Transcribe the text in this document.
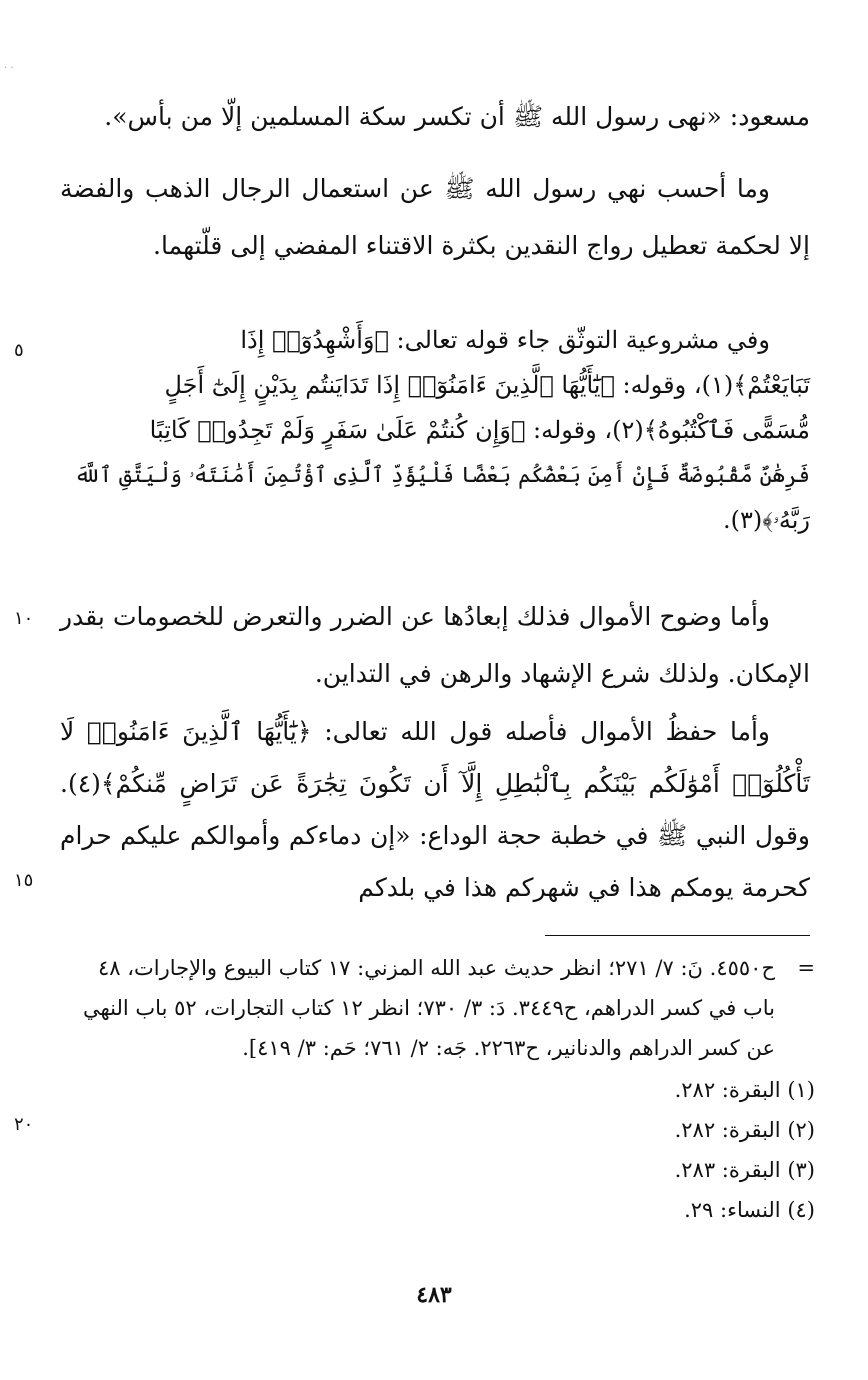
. .

مسعود: «نهى رسول الله ﷺ أن تكسر سكة المسلمين إلّا من بأس».

وما أحسب نهي رسول الله ﷺ عن استعمال الرجال الذهب والفضة إلا لحكمة تعطيل رواج النقدين بكثرة الاقتناء المفضي إلى قلّتهما.

وفي مشروعية التوثّق جاء قوله تعالى: ﴿وَأَشْهِدُوٓا۟ إِذَا
تَبَايَعْتُمْ﴾(١)، وقوله: ﴿يَٰٓأَيُّهَا ٱلَّذِينَ ءَامَنُوٓا۟ إِذَا تَدَايَنتُم بِدَيْنٍ إِلَىٰٓ أَجَلٍ
مُّسَمًّى فَٱكْتُبُوهُ﴾(٢)، وقوله: ﴿وَإِن كُنتُمْ عَلَىٰ سَفَرٍ وَلَمْ تَجِدُوا۟ كَاتِبًا
فَرِهَٰنٌ مَّقْبُوضَةٌ فَإِنْ أَمِنَ بَعْضُكُم بَعْضًا فَلْيُؤَدِّ ٱلَّذِى ٱؤْتُمِنَ أَمَٰنَتَهُۥ وَلْيَتَّقِ ٱللَّهَ
رَبَّهُۥ﴾(٣).

وأما وضوح الأموال فذلك إبعادُها عن الضرر والتعرض للخصومات بقدر الإمكان. ولذلك شرع الإشهاد والرهن في التداين.

وأما حفظُ الأموال فأصله قول الله تعالى: ﴿يَٰٓأَيُّهَا ٱلَّذِينَ ءَامَنُوا۟ لَا تَأْكُلُوٓا۟ أَمْوَٰلَكُم بَيْنَكُم بِٱلْبَٰطِلِ إِلَّآ أَن تَكُونَ تِجَٰرَةً عَن تَرَاضٍ مِّنكُمْ﴾(٤). وقول النبي ﷺ في خطبة حجة الوداع: «إن دماءكم وأموالكم عليكم حرام كحرمة يومكم هذا في شهركم هذا في بلدكم

٥
١٠
١٥
٢٠
=

ح٤٥٥٠. نَ: ٧/ ٢٧١؛ انظر حديث عبد الله المزني: ١٧ كتاب البيوع والإجارات، ٤٨ باب في كسر الدراهم، ح٣٤٤٩. دَ: ٣/ ٧٣٠؛ انظر ١٢ كتاب التجارات، ٥٢ باب النهي عن كسر الدراهم والدنانير، ح٢٢٦٣. جَه: ٢/ ٧٦١؛ حَم: ٣/ ٤١٩].

(١) البقرة: ٢٨٢.
(٢) البقرة: ٢٨٢.
(٣) البقرة: ٢٨٣.
(٤) النساء: ٢٩.
٤٨٣
